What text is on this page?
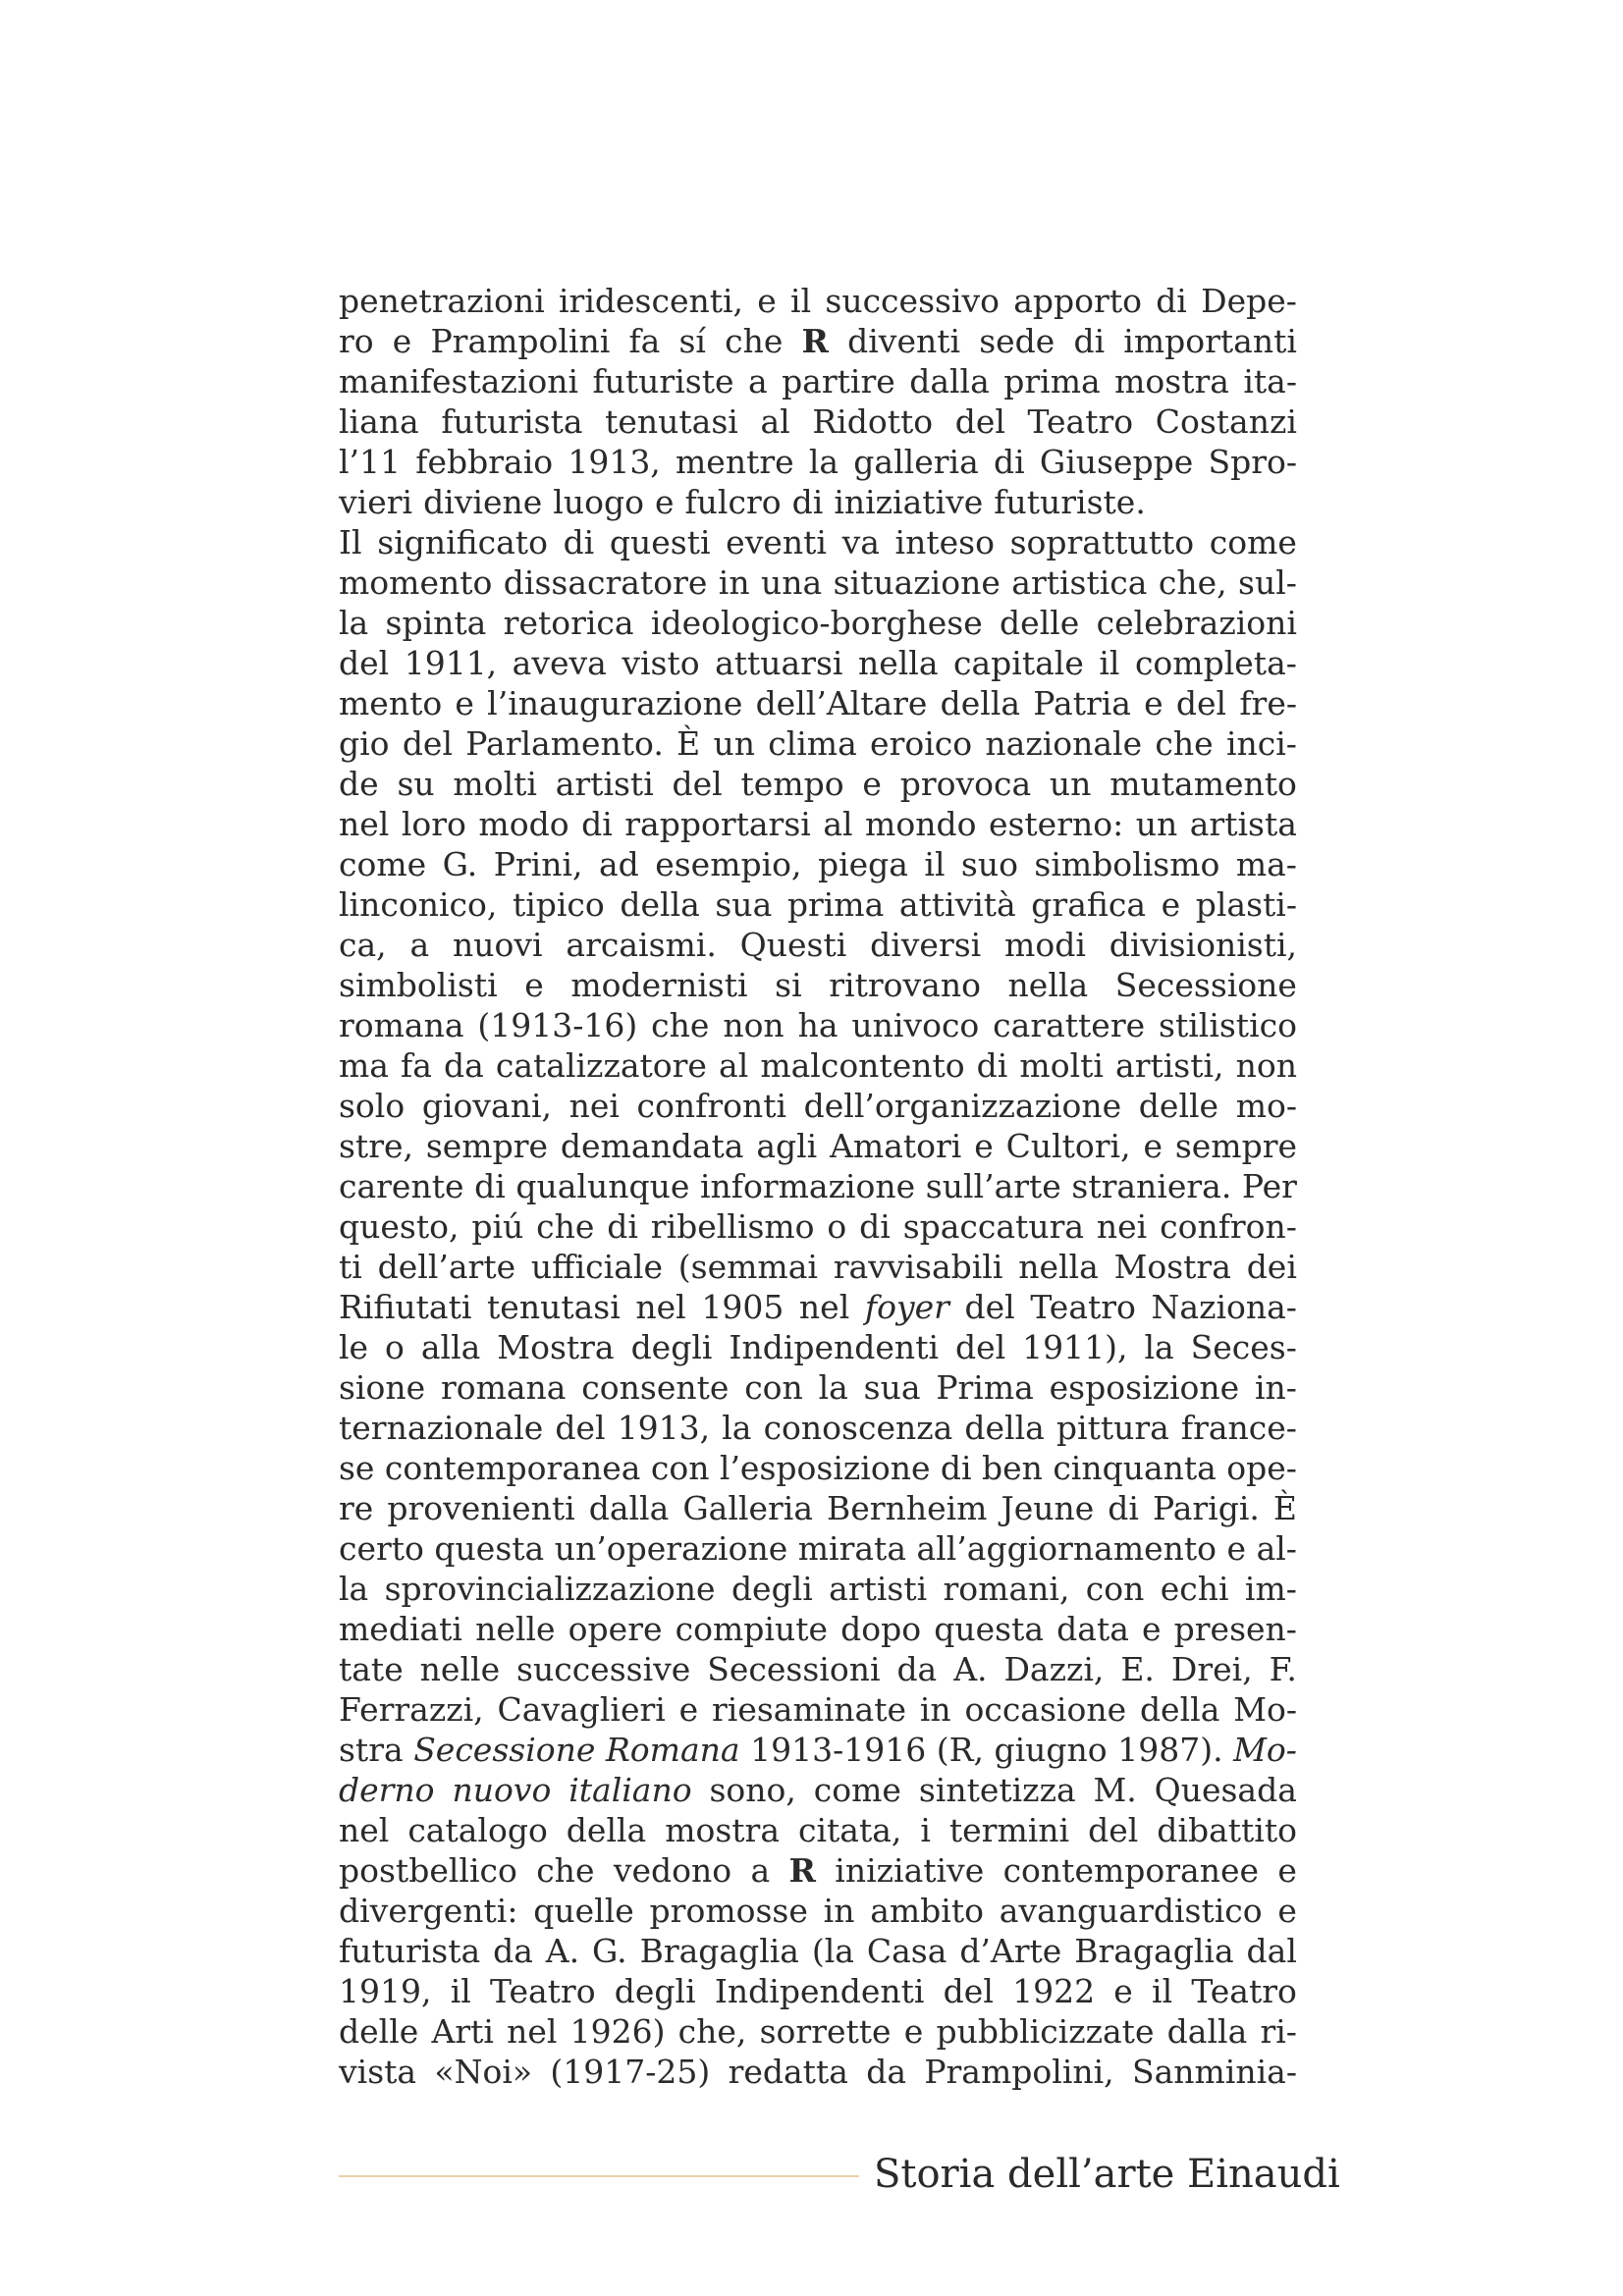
penetrazioni iridescenti, e il successivo apporto di Depe-
ro e Prampolini fa sí che R diventi sede di importanti
manifestazioni futuriste a partire dalla prima mostra ita-
liana futurista tenutasi al Ridotto del Teatro Costanzi
l’11 febbraio 1913, mentre la galleria di Giuseppe Spro-
vieri diviene luogo e fulcro di iniziative futuriste.
Il significato di questi eventi va inteso soprattutto come
momento dissacratore in una situazione artistica che, sul-
la spinta retorica ideologico-borghese delle celebrazioni
del 1911, aveva visto attuarsi nella capitale il completa-
mento e l’inaugurazione dell’Altare della Patria e del fre-
gio del Parlamento. È un clima eroico nazionale che inci-
de su molti artisti del tempo e provoca un mutamento
nel loro modo di rapportarsi al mondo esterno: un artista
come G. Prini, ad esempio, piega il suo simbolismo ma-
linconico, tipico della sua prima attività grafica e plasti-
ca, a nuovi arcaismi. Questi diversi modi divisionisti,
simbolisti e modernisti si ritrovano nella Secessione
romana (1913-16) che non ha univoco carattere stilistico
ma fa da catalizzatore al malcontento di molti artisti, non
solo giovani, nei confronti dell’organizzazione delle mo-
stre, sempre demandata agli Amatori e Cultori, e sempre
carente di qualunque informazione sull’arte straniera. Per
questo, piú che di ribellismo o di spaccatura nei confron-
ti dell’arte ufficiale (semmai ravvisabili nella Mostra dei
Rifiutati tenutasi nel 1905 nel foyer del Teatro Naziona-
le o alla Mostra degli Indipendenti del 1911), la Seces-
sione romana consente con la sua Prima esposizione in-
ternazionale del 1913, la conoscenza della pittura france-
se contemporanea con l’esposizione di ben cinquanta ope-
re provenienti dalla Galleria Bernheim Jeune di Parigi. È
certo questa un’operazione mirata all’aggiornamento e al-
la sprovincializzazione degli artisti romani, con echi im-
mediati nelle opere compiute dopo questa data e presen-
tate nelle successive Secessioni da A. Dazzi, E. Drei, F.
Ferrazzi, Cavaglieri e riesaminate in occasione della Mo-
stra Secessione Romana 1913-1916 (R, giugno 1987). Mo-
derno nuovo italiano sono, come sintetizza M. Quesada
nel catalogo della mostra citata, i termini del dibattito
postbellico che vedono a R iniziative contemporanee e
divergenti: quelle promosse in ambito avanguardistico e
futurista da A. G. Bragaglia (la Casa d’Arte Bragaglia dal
1919, il Teatro degli Indipendenti del 1922 e il Teatro
delle Arti nel 1926) che, sorrette e pubblicizzate dalla ri-
vista «Noi» (1917-25) redatta da Prampolini, Sanminia-
Storia dell’arte Einaudi
